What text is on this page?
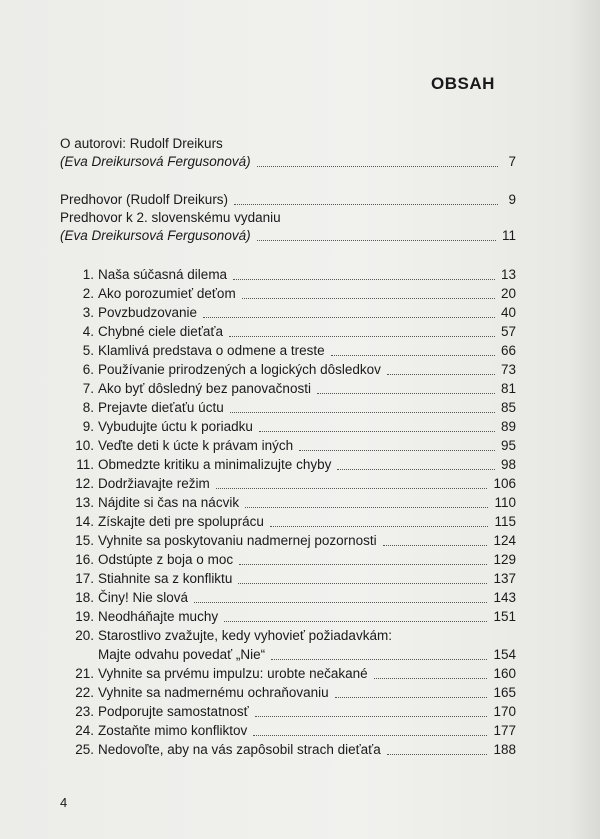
OBSAH
O autorovi: Rudolf Dreikurs
(Eva Dreikursová Fergusonová)	7
Predhovor (Rudolf Dreikurs)	9
Predhovor k 2. slovenskému vydaniu
(Eva Dreikursová Fergusonová)	11
1. Naša súčasná dilema	13
2. Ako porozumieť deťom	20
3. Povzbudzovanie	40
4. Chybné ciele dieťaťa	57
5. Klamlivá predstava o odmene a treste	66
6. Používanie prirodzených a logických dôsledkov	73
7. Ako byť dôsledný bez panovačnosti	81
8. Prejavte dieťaťu úctu	85
9. Vybudujte úctu k poriadku	89
10. Veďte deti k úcte k právam iných	95
11. Obmedzte kritiku a minimalizujte chyby	98
12. Dodržiavajte režim	106
13. Nájdite si čas na nácvik	110
14. Získajte deti pre spoluprácu	115
15. Vyhnite sa poskytovaniu nadmernej pozornosti	124
16. Odstúpte z boja o moc	129
17. Stiahnite sa z konfliktu	137
18. Činy! Nie slová	143
19. Neodháňajte muchy	151
20. Starostlivo zvažujte, kedy vyhovieť požiadavkám:
Majte odvahu povedať „Nie“	154
21. Vyhnite sa prvému impulzu: urobte nečakané	160
22. Vyhnite sa nadmernému ochraňovaniu	165
23. Podporujte samostatnosť	170
24. Zostaňte mimo konfliktov	177
25. Nedovoľte, aby na vás zapôsobil strach dieťaťa	188
4
